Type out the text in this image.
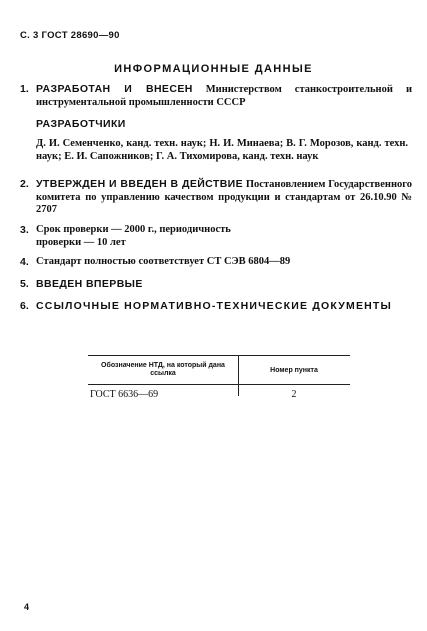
С. 3 ГОСТ 28690—90
ИНФОРМАЦИОННЫЕ ДАННЫЕ
1. РАЗРАБОТАН И ВНЕСЕН Министерством станкостроительной и инструментальной промышленности СССР
РАЗРАБОТЧИКИ
Д. И. Семенченко, канд. техн. наук; Н. И. Минаева; В. Г. Морозов, канд. техн. наук; Е. И. Сапожников; Г. А. Тихомирова, канд. техн. наук
2. УТВЕРЖДЕН И ВВЕДЕН В ДЕЙСТВИЕ Постановлением Государственного комитета по управлению качеством продукции и стандартам от 26.10.90 № 2707
3. Срок проверки — 2000 г., периодичность проверки — 10 лет
4. Стандарт полностью соответствует СТ СЭВ 6804—89
5. ВВЕДЕН ВПЕРВЫЕ
6. ССЫЛОЧНЫЕ НОРМАТИВНО-ТЕХНИЧЕСКИЕ ДОКУМЕНТЫ
Обозначение НТД, на который дана ссылка	Номер пункта
ГОСТ 6636—69	2
4
